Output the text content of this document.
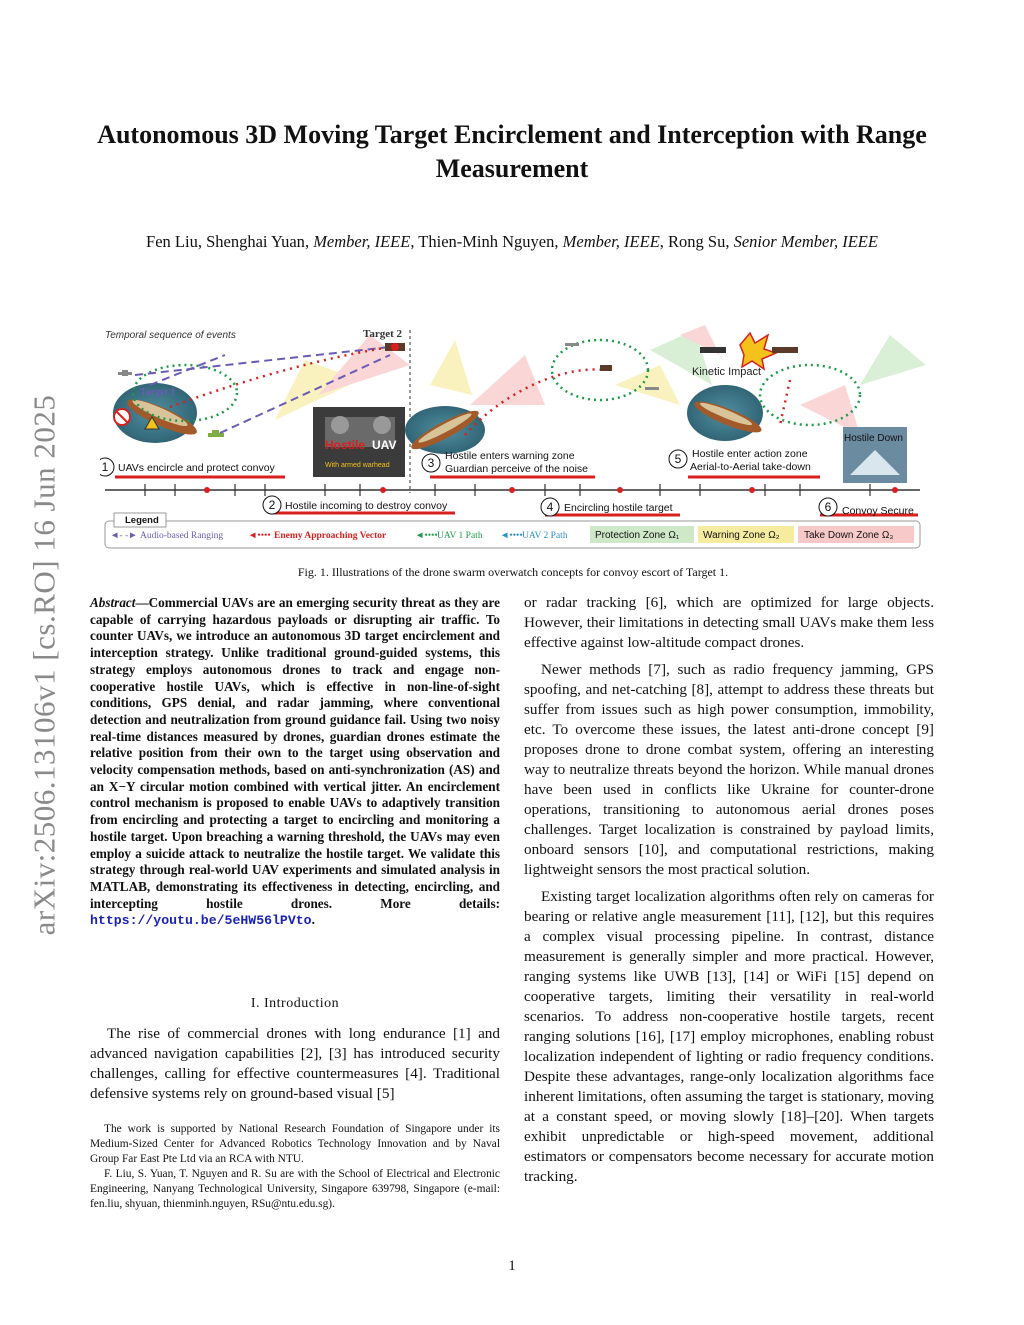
arXiv:2506.13106v1 [cs.RO] 16 Jun 2025
Autonomous 3D Moving Target Encirclement and Interception with Range Measurement
Fen Liu, Shenghai Yuan, Member, IEEE, Thien-Minh Nguyen, Member, IEEE, Rong Su, Senior Member, IEEE
Temporal sequence of events
Target 1
Target 2
Hostile UAV
With armed warhead
Kinetic Impact
Hostile Down
1 UAVs encircle and protect convoy
2 Hostile incoming to destroy convoy
3 Hostile enters warning zone
Guardian perceive of the noise
4 Encircling hostile target
5 Hostile enter action zone
Aerial-to-Aerial take-down
6 Convoy Secure
Legend
◄- -► Audio-based Ranging	◄•••• Enemy Approaching Vector	◄•••• UAV 1 Path ◄•••• UAV 2 Path	Protection Zone Ω₁ Warning Zone Ω₂ Take Down Zone Ω₃
Fig. 1. Illustrations of the drone swarm overwatch concepts for convoy escort of Target 1.
Abstract—Commercial UAVs are an emerging security threat as they are capable of carrying hazardous payloads or disrupting air traffic. To counter UAVs, we introduce an autonomous 3D target encirclement and interception strategy. Unlike traditional ground-guided systems, this strategy employs autonomous drones to track and engage non-cooperative hostile UAVs, which is effective in non-line-of-sight conditions, GPS denial, and radar jamming, where conventional detection and neutralization from ground guidance fail. Using two noisy real-time distances measured by drones, guardian drones estimate the relative position from their own to the target using observation and velocity compensation methods, based on anti-synchronization (AS) and an X−Y circular motion combined with vertical jitter. An encirclement control mechanism is proposed to enable UAVs to adaptively transition from encircling and protecting a target to encircling and monitoring a hostile target. Upon breaching a warning threshold, the UAVs may even employ a suicide attack to neutralize the hostile target. We validate this strategy through real-world UAV experiments and simulated analysis in MATLAB, demonstrating its effectiveness in detecting, encircling, and intercepting hostile drones. More details: https://youtu.be/5eHW56lPVto.
I. Introduction

The rise of commercial drones with long endurance [1] and advanced navigation capabilities [2], [3] has introduced security challenges, calling for effective countermeasures [4]. Traditional defensive systems rely on ground-based visual [5]

The work is supported by National Research Foundation of Singapore under its Medium-Sized Center for Advanced Robotics Technology Innovation and by Naval Group Far East Pte Ltd via an RCA with NTU.

F. Liu, S. Yuan, T. Nguyen and R. Su are with the School of Electrical and Electronic Engineering, Nanyang Technological University, Singapore 639798, Singapore (e-mail: fen.liu, shyuan, thienminh.nguyen, RSu@ntu.edu.sg).

or radar tracking [6], which are optimized for large objects. However, their limitations in detecting small UAVs make them less effective against low-altitude compact drones.

Newer methods [7], such as radio frequency jamming, GPS spoofing, and net-catching [8], attempt to address these threats but suffer from issues such as high power consumption, immobility, etc. To overcome these issues, the latest anti-drone concept [9] proposes drone to drone combat system, offering an interesting way to neutralize threats beyond the horizon. While manual drones have been used in conflicts like Ukraine for counter-drone operations, transitioning to autonomous aerial drones poses challenges. Target localization is constrained by payload limits, onboard sensors [10], and computational restrictions, making lightweight sensors the most practical solution.

Existing target localization algorithms often rely on cameras for bearing or relative angle measurement [11], [12], but this requires a complex visual processing pipeline. In contrast, distance measurement is generally simpler and more practical. However, ranging systems like UWB [13], [14] or WiFi [15] depend on cooperative targets, limiting their versatility in real-world scenarios. To address non-cooperative hostile targets, recent ranging solutions [16], [17] employ microphones, enabling robust localization independent of lighting or radio frequency conditions. Despite these advantages, range-only localization algorithms face inherent limitations, often assuming the target is stationary, moving at a constant speed, or moving slowly [18]–[20]. When targets exhibit unpredictable or high-speed movement, additional estimators or compensators become necessary for accurate motion tracking.

1
